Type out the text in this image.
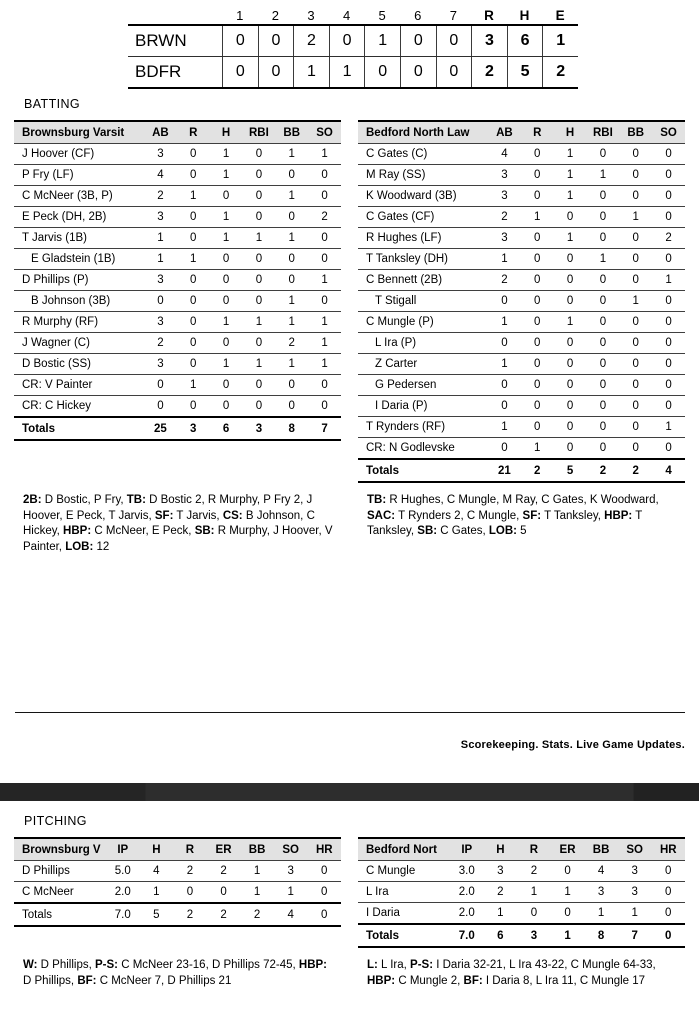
1	2	3	4	5	6	7	R	H	E
BRWN	0	0	2	0	1	0	0	3	6	1
BDFR	0	0	1	1	0	0	0	2	5	2
BATTING
Brownsburg Varsit	AB	R	H	RBI	BB	SO
J Hoover (CF)	3	0	1	0	1	1
P Fry (LF)	4	0	1	0	0	0
C McNeer (3B, P)	2	1	0	0	1	0
E Peck (DH, 2B)	3	0	1	0	0	2
T Jarvis (1B)	1	0	1	1	1	0
E Gladstein (1B)	1	1	0	0	0	0
D Phillips (P)	3	0	0	0	0	1
B Johnson (3B)	0	0	0	0	1	0
R Murphy (RF)	3	0	1	1	1	1
J Wagner (C)	2	0	0	0	2	1
D Bostic (SS)	3	0	1	1	1	1
CR: V Painter	0	1	0	0	0	0
CR: C Hickey	0	0	0	0	0	0
Totals	25	3	6	3	8	7
Bedford North Law	AB	R	H	RBI	BB	SO
C Gates (C)	4	0	1	0	0	0
M Ray (SS)	3	0	1	1	0	0
K Woodward (3B)	3	0	1	0	0	0
C Gates (CF)	2	1	0	0	1	0
R Hughes (LF)	3	0	1	0	0	2
T Tanksley (DH)	1	0	0	1	0	0
C Bennett (2B)	2	0	0	0	0	1
T Stigall	0	0	0	0	1	0
C Mungle (P)	1	0	1	0	0	0
L Ira (P)	0	0	0	0	0	0
Z Carter	1	0	0	0	0	0
G Pedersen	0	0	0	0	0	0
I Daria (P)	0	0	0	0	0	0
T Rynders (RF)	1	0	0	0	0	1
CR: N Godlevske	0	1	0	0	0	0
Totals	21	2	5	2	2	4
2B: D Bostic, P Fry, TB: D Bostic 2, R Murphy, P Fry 2, J Hoover, E Peck, T Jarvis, SF: T Jarvis, CS: B Johnson, C Hickey, HBP: C McNeer, E Peck, SB: R Murphy, J Hoover, V Painter, LOB: 12
TB: R Hughes, C Mungle, M Ray, C Gates, K Woodward, SAC: T Rynders 2, C Mungle, SF: T Tanksley, HBP: T Tanksley, SB: C Gates, LOB: 5
Scorekeeping. Stats. Live Game Updates.
PITCHING
Brownsburg V	IP	H	R	ER	BB	SO	HR
D Phillips	5.0	4	2	2	1	3	0
C McNeer	2.0	1	0	0	1	1	0
Totals	7.0	5	2	2	2	4	0
Bedford Nort	IP	H	R	ER	BB	SO	HR
C Mungle	3.0	3	2	0	4	3	0
L Ira	2.0	2	1	1	3	3	0
I Daria	2.0	1	0	0	1	1	0
Totals	7.0	6	3	1	8	7	0
W: D Phillips, P-S: C McNeer 23-16, D Phillips 72-45, HBP: D Phillips, BF: C McNeer 7, D Phillips 21
L: L Ira, P-S: I Daria 32-21, L Ira 43-22, C Mungle 64-33, HBP: C Mungle 2, BF: I Daria 8, L Ira 11, C Mungle 17
